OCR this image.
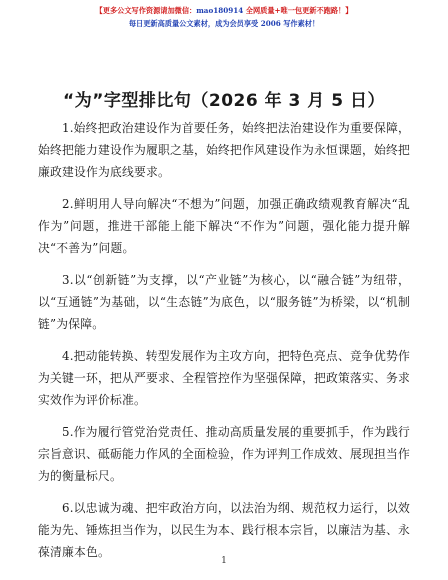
【更多公文写作资源请加微信：mao180914 全网质量+唯一包更新不跑路！】
每日更新高质量公文素材，成为会员享受 2006 写作素材！
“为”字型排比句（2026 年 3 月 5 日）

1.始终把政治建设作为首要任务，始终把法治建设作为重要保障，始终把能力建设作为履职之基，始终把作风建设作为永恒课题，始终把廉政建设作为底线要求。

2.鲜明用人导向解决“不想为”问题，加强正确政绩观教育解决“乱作为”问题，推进干部能上能下解决“不作为”问题，强化能力提升解决“不善为”问题。

3.以“创新链”为支撑，以“产业链”为核心，以“融合链”为纽带，以“互通链”为基础，以“生态链”为底色，以“服务链”为桥梁，以“机制链”为保障。

4.把动能转换、转型发展作为主攻方向，把特色亮点、竞争优势作为关键一环，把从严要求、全程管控作为坚强保障，把政策落实、务求实效作为评价标准。

5.作为履行管党治党责任、推动高质量发展的重要抓手，作为践行宗旨意识、砥砺能力作风的全面检验，作为评判工作成效、展现担当作为的衡量标尺。

6.以忠诚为魂、把牢政治方向，以法治为纲、规范权力运行，以效能为先、锤炼担当作为，以民生为本、践行根本宗旨，以廉洁为基、永葆清廉本色。

1
